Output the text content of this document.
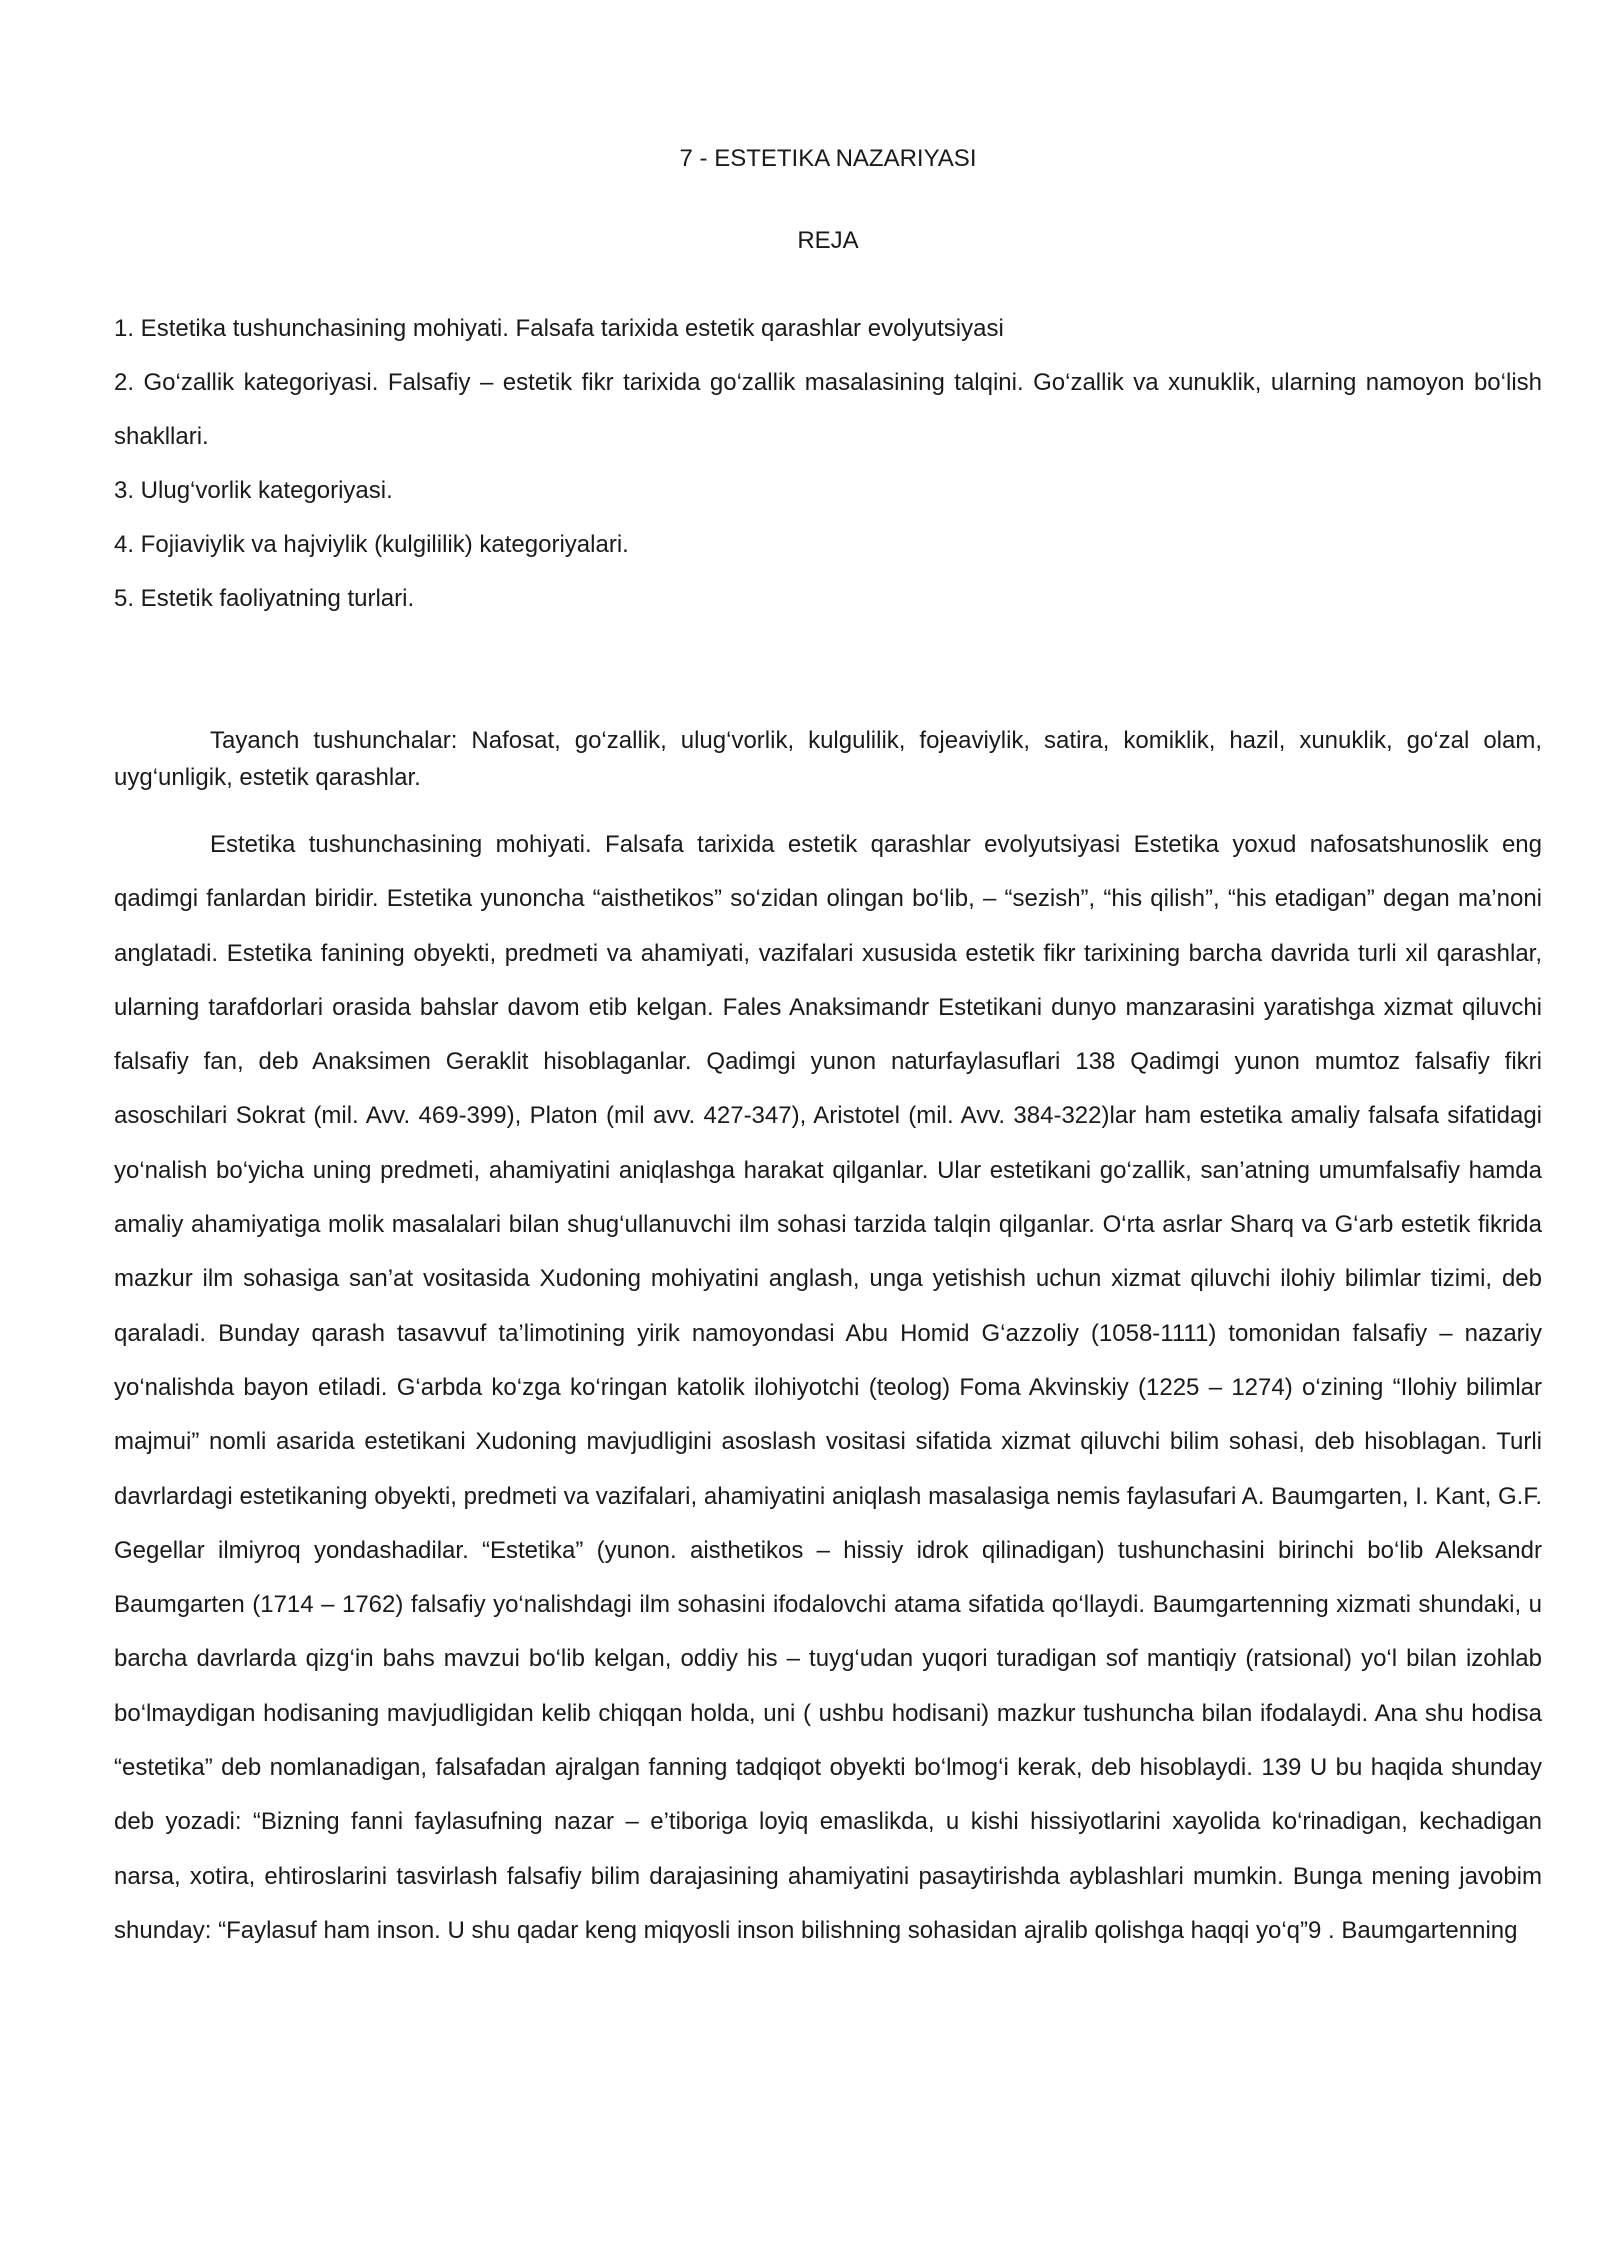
7 - ESTETIKA NAZARIYASI
REJA
1. Estetika tushunchasining mohiyati. Falsafa tarixida estetik qarashlar evolyutsiyasi
2. Go‘zallik kategoriyasi. Falsafiy – estetik fikr tarixida go‘zallik masalasining talqini. Go‘zallik va xunuklik, ularning namoyon bo‘lish shakllari.
3. Ulug‘vorlik kategoriyasi.
4. Fojiaviylik va hajviylik (kulgililik) kategoriyalari.
5. Estetik faoliyatning turlari.

Tayanch tushunchalar: Nafosat, go‘zallik, ulug‘vorlik, kulgulilik, fojeaviylik, satira, komiklik, hazil, xunuklik, go‘zal olam, uyg‘unligik, estetik qarashlar.

Estetika tushunchasining mohiyati. Falsafa tarixida estetik qarashlar evolyutsiyasi Estetika yoxud nafosatshunoslik eng qadimgi fanlardan biridir. Estetika yunoncha “aisthetikos” so‘zidan olingan bo‘lib, – “sezish”, “his qilish”, “his etadigan” degan ma’noni anglatadi. Estetika fanining obyekti, predmeti va ahamiyati, vazifalari xususida estetik fikr tarixining barcha davrida turli xil qarashlar, ularning tarafdorlari orasida bahslar davom etib kelgan. Fales Anaksimandr Estetikani dunyo manzarasini yaratishga xizmat qiluvchi falsafiy fan, deb Anaksimen Geraklit hisoblaganlar. Qadimgi yunon naturfaylasuflari 138 Qadimgi yunon mumtoz falsafiy fikri asoschilari Sokrat (mil. Avv. 469-399), Platon (mil avv. 427-347), Aristotel (mil. Avv. 384-322)lar ham estetika amaliy falsafa sifatidagi yo‘nalish bo‘yicha uning predmeti, ahamiyatini aniqlashga harakat qilganlar. Ular estetikani go‘zallik, san’atning umumfalsafiy hamda amaliy ahamiyatiga molik masalalari bilan shug‘ullanuvchi ilm sohasi tarzida talqin qilganlar. O‘rta asrlar Sharq va G‘arb estetik fikrida mazkur ilm sohasiga san’at vositasida Xudoning mohiyatini anglash, unga yetishish uchun xizmat qiluvchi ilohiy bilimlar tizimi, deb qaraladi. Bunday qarash tasavvuf ta’limotining yirik namoyondasi Abu Homid G‘azzoliy (1058-1111) tomonidan falsafiy – nazariy yo‘nalishda bayon etiladi. G‘arbda ko‘zga ko‘ringan katolik ilohiyotchi (teolog) Foma Akvinskiy (1225 – 1274) o‘zining “Ilohiy bilimlar majmui” nomli asarida estetikani Xudoning mavjudligini asoslash vositasi sifatida xizmat qiluvchi bilim sohasi, deb hisoblagan. Turli davrlardagi estetikaning obyekti, predmeti va vazifalari, ahamiyatini aniqlash masalasiga nemis faylasufari A. Baumgarten, I. Kant, G.F. Gegellar ilmiyroq yondashadilar. “Estetika” (yunon. aisthetikos – hissiy idrok qilinadigan) tushunchasini birinchi bo‘lib Aleksandr Baumgarten (1714 – 1762) falsafiy yo‘nalishdagi ilm sohasini ifodalovchi atama sifatida qo‘llaydi. Baumgartenning xizmati shundaki, u barcha davrlarda qizg‘in bahs mavzui bo‘lib kelgan, oddiy his – tuyg‘udan yuqori turadigan sof mantiqiy (ratsional) yo‘l bilan izohlab bo‘lmaydigan hodisaning mavjudligidan kelib chiqqan holda, uni ( ushbu hodisani) mazkur tushuncha bilan ifodalaydi. Ana shu hodisa “estetika” deb nomlanadigan, falsafadan ajralgan fanning tadqiqot obyekti bo‘lmog‘i kerak, deb hisoblaydi. 139 U bu haqida shunday deb yozadi: “Bizning fanni faylasufning nazar – e’tiboriga loyiq emaslikda, u kishi hissiyotlarini xayolida ko‘rinadigan, kechadigan narsa, xotira, ehtiroslarini tasvirlash falsafiy bilim darajasining ahamiyatini pasaytirishda ayblashlari mumkin. Bunga mening javobim shunday: “Faylasuf ham inson. U shu qadar keng miqyosli inson bilishning sohasidan ajralib qolishga haqqi yo‘q”9 . Baumgartenning
